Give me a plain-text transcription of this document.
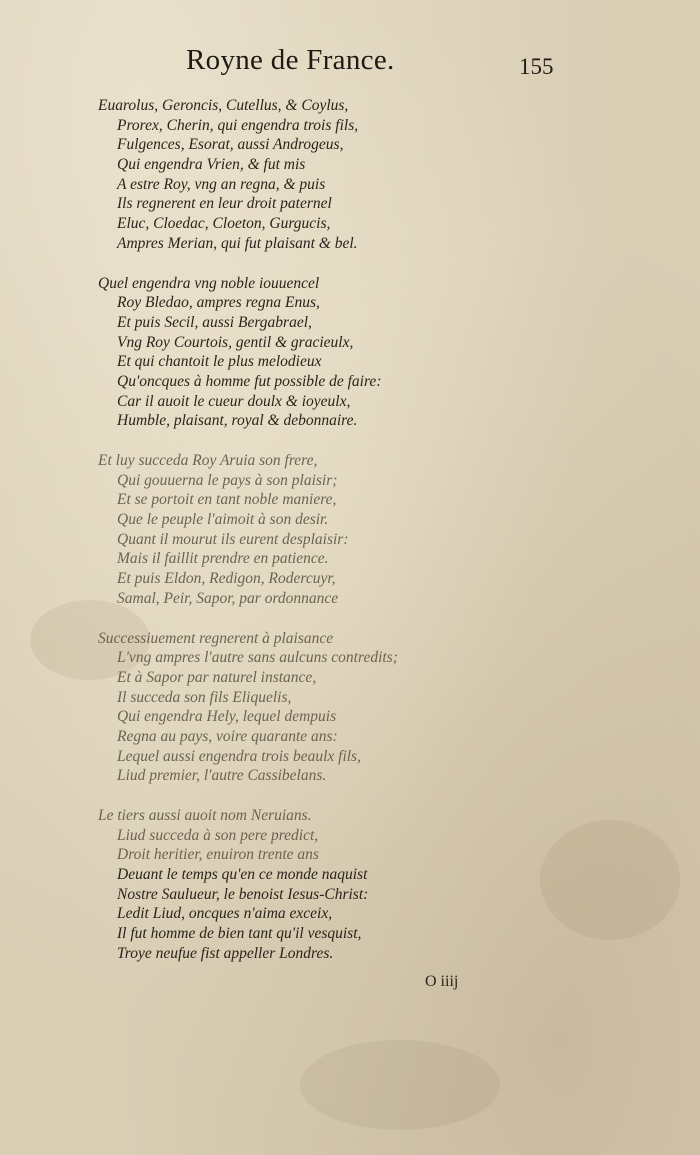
Royne de France.	155
Euarolus, Geroncis, Cutellus, & Coylus,
Prorex, Cherin, qui engendra trois fils,
Fulgences, Esorat, aussi Androgeus,
Qui engendra Vrien, & fut mis
A estre Roy, vng an regna, & puis
Ils regnerent en leur droit paternel
Eluc, Cloedac, Cloeton, Gurgucis,
Ampres Merian, qui fut plaisant & bel.
Quel engendra vng noble iouuencel
Roy Bledao, ampres regna Enus,
Et puis Secil, aussi Bergabrael,
Vng Roy Courtois, gentil & gracieulx,
Et qui chantoit le plus melodieux
Qu'oncques à homme fut possible de faire:
Car il auoit le cueur doulx & ioyeulx,
Humble, plaisant, royal & debonnaire.
Et luy succeda Roy Aruia son frere,
Qui gouuerna le pays à son plaisir;
Et se portoit en tant noble maniere,
Que le peuple l'aimoit à son desir.
Quant il mourut ils eurent desplaisir:
Mais il faillit prendre en patience.
Et puis Eldon, Redigon, Rodercuyr,
Samal, Peir, Sapor, par ordonnance
Successiuement regnerent à plaisance
L'vng ampres l'autre sans aulcuns contredits;
Et à Sapor par naturel instance,
Il succeda son fils Eliquelis,
Qui engendra Hely, lequel dempuis
Regna au pays, voire quarante ans:
Lequel aussi engendra trois beaulx fils,
Liud premier, l'autre Cassibelans.
Le tiers aussi auoit nom Neruians.
Liud succeda à son pere predict,
Droit heritier, enuiron trente ans
Deuant le temps qu'en ce monde naquist
Nostre Saulueur, le benoist Iesus-Christ:
Ledit Liud, oncques n'aima exceix,
Il fut homme de bien tant qu'il vesquist,
Troye neufue fist appeller Londres.
O iiij
